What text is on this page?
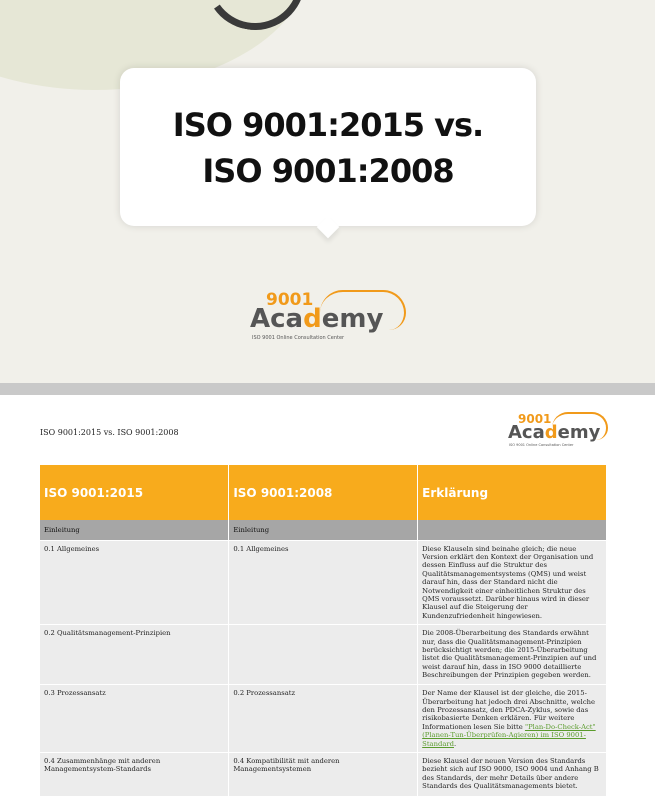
ISO 9001:2015 vs.
ISO 9001:2008
9001
Academy
ISO 9001 Online Consultation Center
ISO 9001:2015 vs. ISO 9001:2008
9001
Academy
ISO 9001 Online Consultation Center
ISO 9001:2015	ISO 9001:2008	Erklärung
Einleitung	Einleitung	
0.1 Allgemeines	0.1 Allgemeines	Diese Klauseln sind beinahe gleich; die neue Version erklärt den Kontext der Organisation und dessen Einfluss auf die Struktur des Qualitätsmanagementsystems (QMS) und weist darauf hin, dass der Standard nicht die Notwendigkeit einer einheitlichen Struktur des QMS voraussetzt. Darüber hinaus wird in dieser Klausel auf die Steigerung der Kundenzufriedenheit hingewiesen.
0.2 Qualitätsmanagement-Prinzipien		Die 2008-Überarbeitung des Standards erwähnt nur, dass die Qualitätsmanagement-Prinzipien berücksichtigt werden; die 2015-Überarbeitung listet die Qualitätsmanagement-Prinzipien auf und weist darauf hin, dass in ISO 9000 detaillierte Beschreibungen der Prinzipien gegeben werden.
0.3 Prozessansatz	0.2 Prozessansatz	Der Name der Klausel ist der gleiche, die 2015-Überarbeitung hat jedoch drei Abschnitte, welche den Prozessansatz, den PDCA-Zyklus, sowie das risikobasierte Denken erklären. Für weitere Informationen lesen Sie bitte "Plan-Do-Check-Act" (Planen-Tun-Überprüfen-Agieren) im ISO 9001-Standard.
0.4 Zusammenhänge mit anderen Managementsystem-Standards	0.4 Kompatibilität mit anderen Managementsystemen	Diese Klausel der neuen Version des Standards bezieht sich auf ISO 9000, ISO 9004 und Anhang B des Standards, der mehr Details über andere Standards des Qualitätsmanagements bietet.
